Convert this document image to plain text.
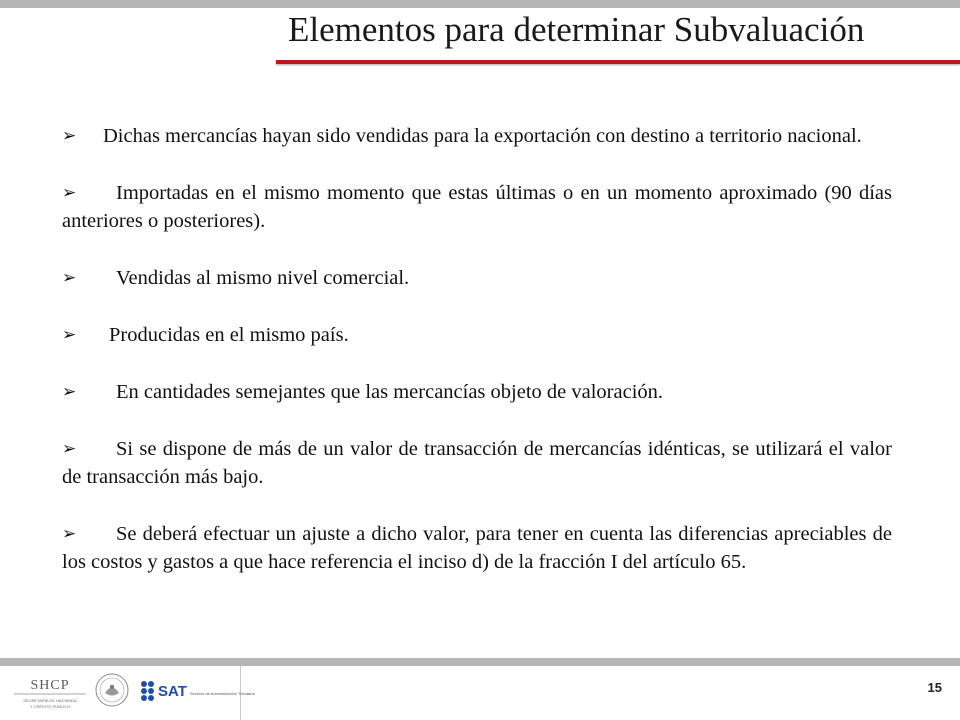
Elementos para determinar Subvaluación
➢ Dichas mercancías hayan sido vendidas para la exportación con destino a territorio nacional.
➢ Importadas en el mismo momento que estas últimas o en un momento aproximado (90 días anteriores o posteriores).
➢ Vendidas al mismo nivel comercial.
➢ Producidas en el mismo país.
➢ En cantidades semejantes que las mercancías objeto de valoración.
➢ Si se dispone de más de un valor de transacción de mercancías idénticas, se utilizará el valor de transacción más bajo.
➢ Se deberá efectuar un ajuste a dicho valor, para tener en cuenta las diferencias apreciables de los costos y gastos a que hace referencia el inciso d) de la fracción I del artículo 65.
SHCP
SECRETARÍA DE HACIENDA
Y CRÉDITO PÚBLICO
SAT Servicio de Administración Tributaria	15
